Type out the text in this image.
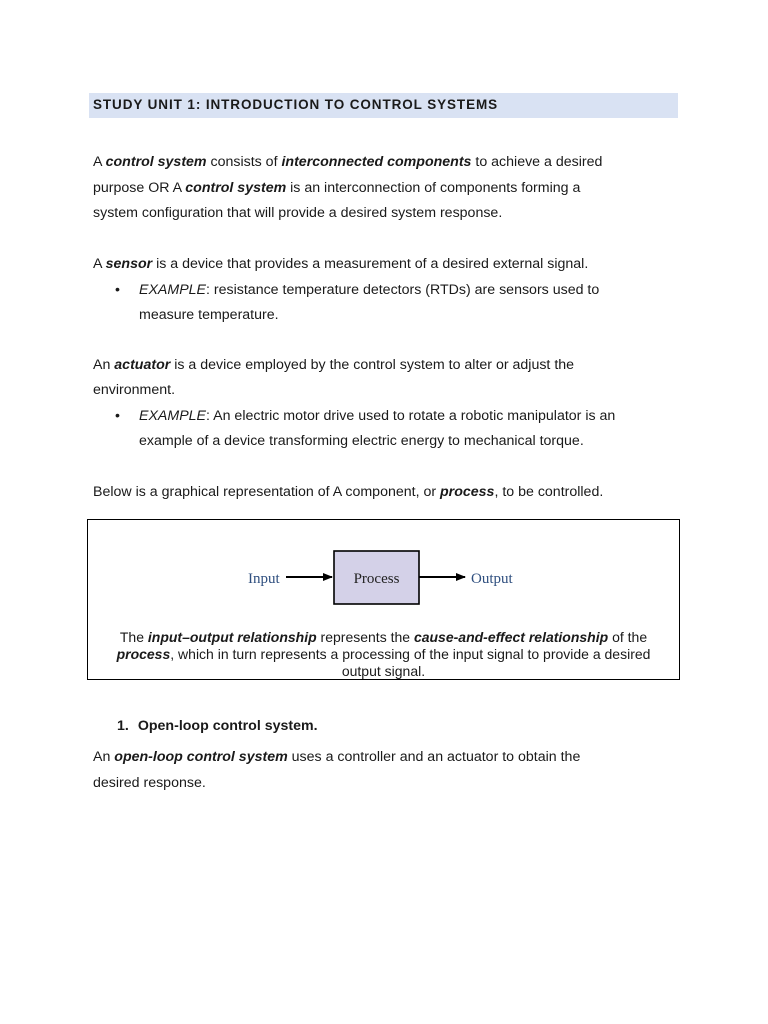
STUDY UNIT 1: INTRODUCTION TO CONTROL SYSTEMS
A control system consists of interconnected components to achieve a desired
purpose OR A control system is an interconnection of components forming a
system configuration that will provide a desired system response.
A sensor is a device that provides a measurement of a desired external signal.
• EXAMPLE: resistance temperature detectors (RTDs) are sensors used to
measure temperature.
An actuator is a device employed by the control system to alter or adjust the
environment.
• EXAMPLE: An electric motor drive used to rotate a robotic manipulator is an
example of a device transforming electric energy to mechanical torque.
Below is a graphical representation of A component, or process, to be controlled.
Input	Process	Output
The input–output relationship represents the cause-and-effect relationship of the process, which in turn represents a processing of the input signal to provide a desired output signal.
1. Open-loop control system.
An open-loop control system uses a controller and an actuator to obtain the
desired response.
